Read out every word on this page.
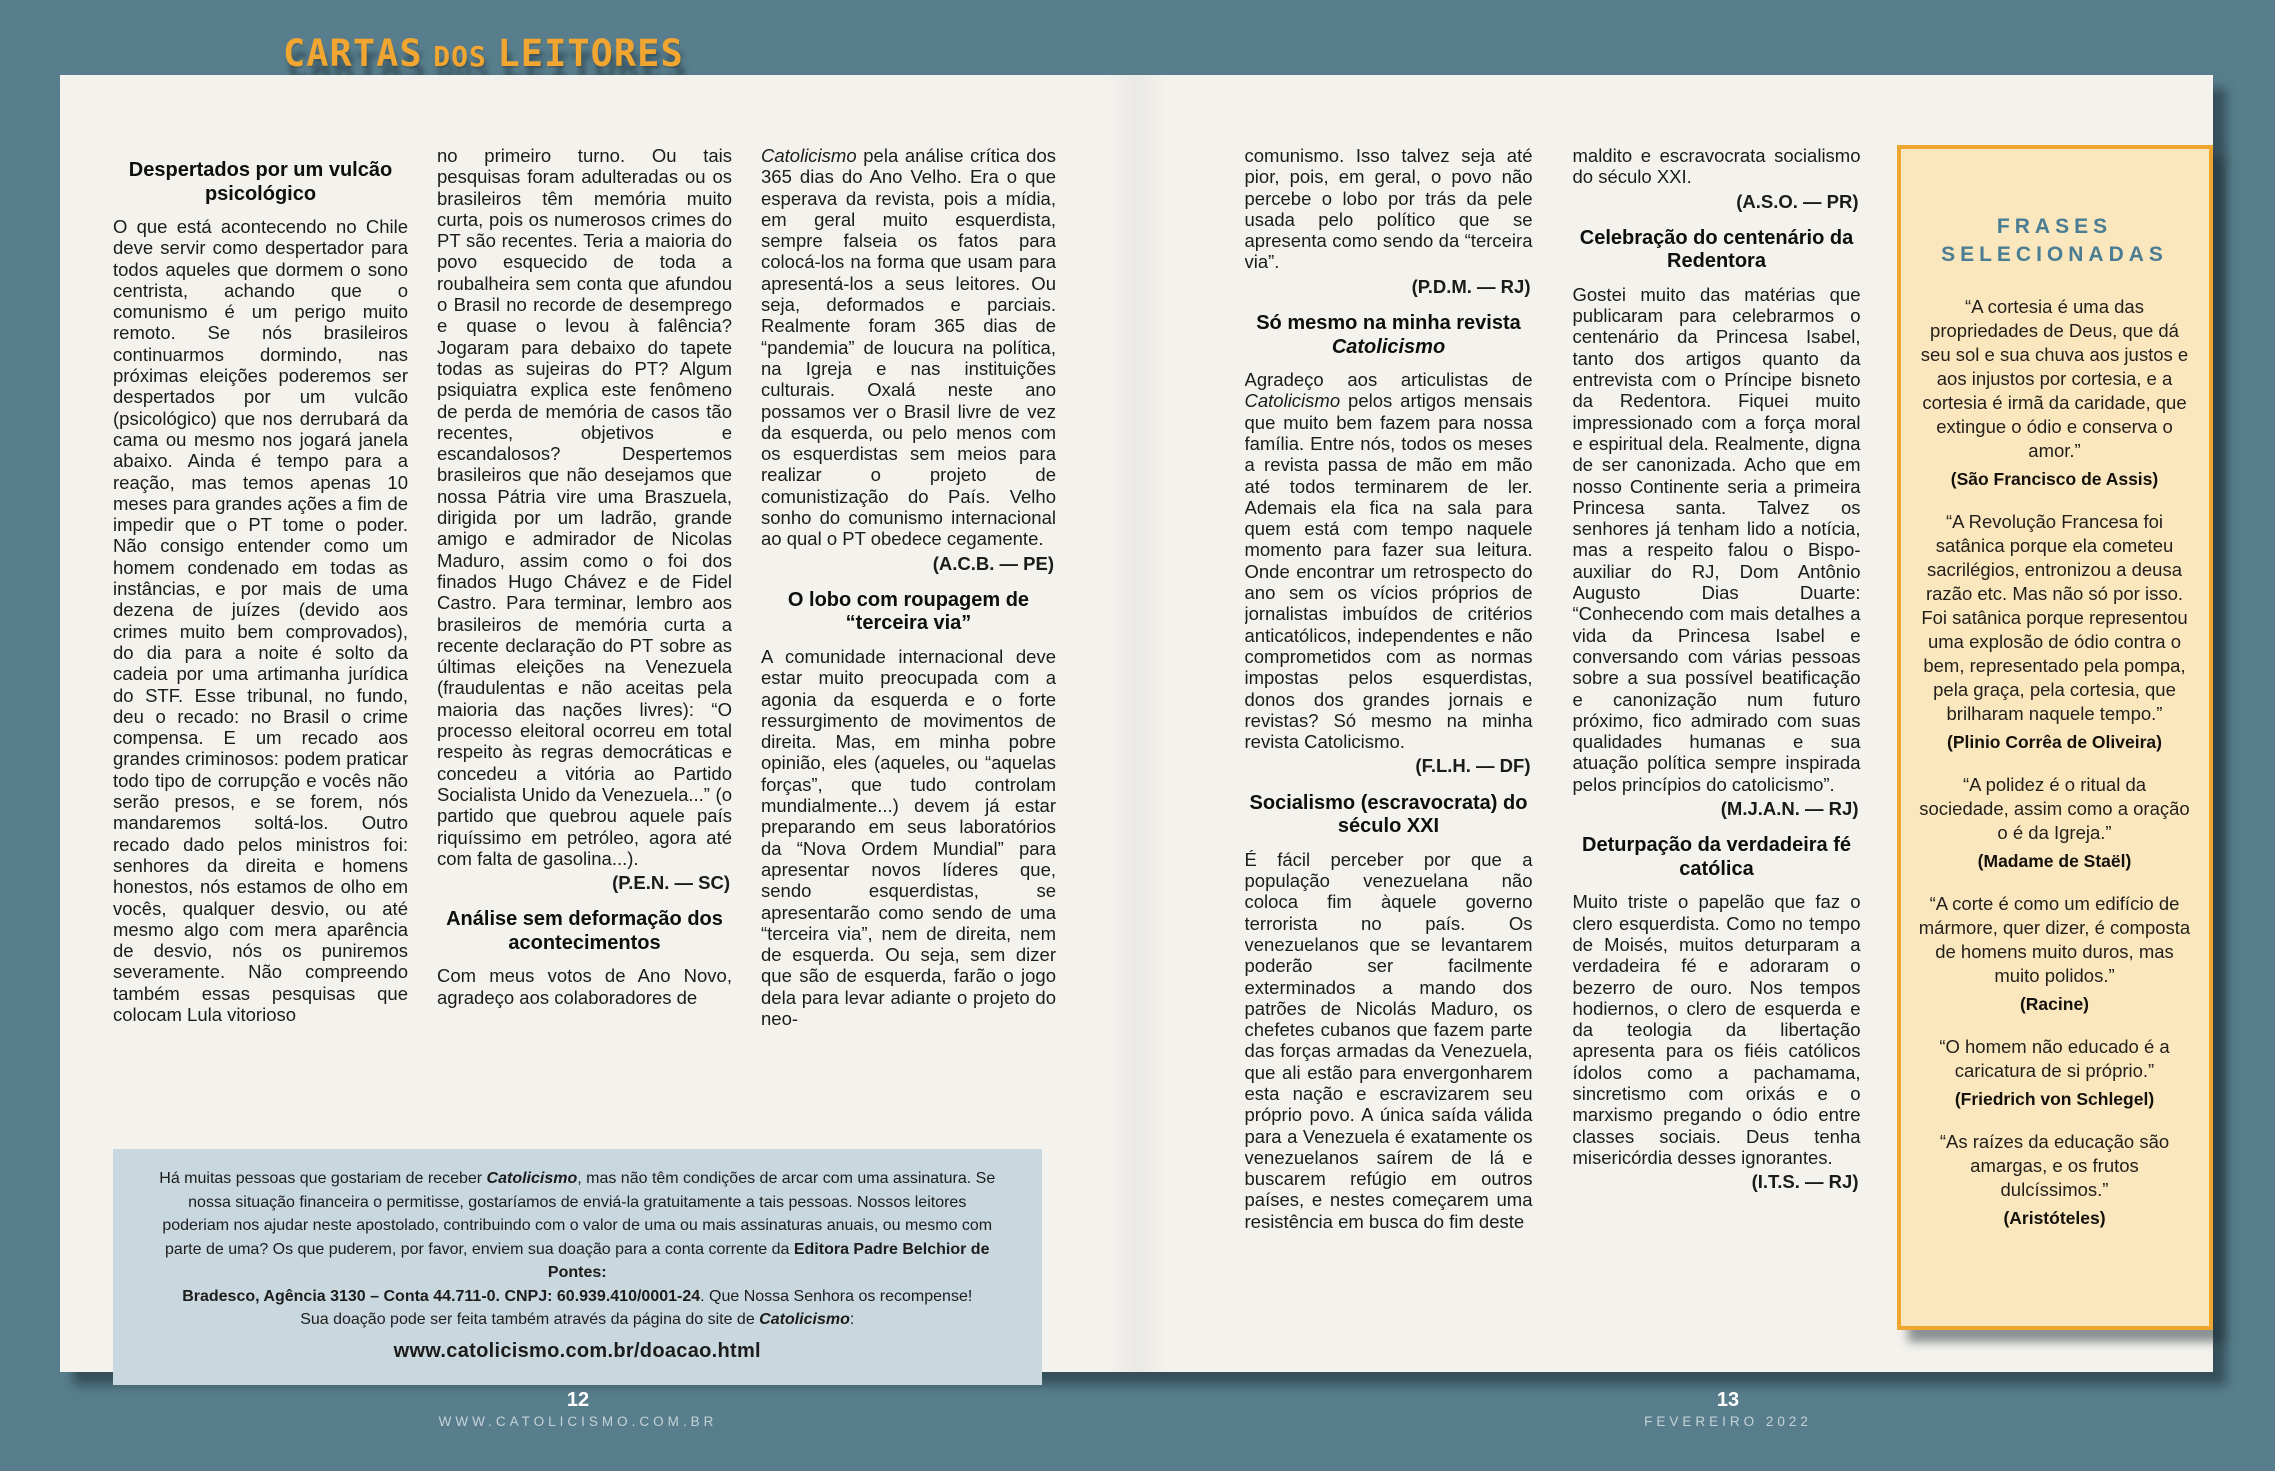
CARTAS DOS LEITORES
Despertados por um vulcão psicológico
O que está acontecendo no Chile deve servir como despertador para todos aqueles que dormem o sono centrista, achando que o comunismo é um perigo muito remoto. Se nós brasileiros continuarmos dormindo, nas próximas eleições poderemos ser despertados por um vulcão (psicológico) que nos derrubará da cama ou mesmo nos jogará janela abaixo. Ainda é tempo para a reação, mas temos apenas 10 meses para grandes ações a fim de impedir que o PT tome o poder. Não consigo entender como um homem condenado em todas as instâncias, e por mais de uma dezena de juízes (devido aos crimes muito bem comprovados), do dia para a noite é solto da cadeia por uma artimanha jurídica do STF. Esse tribunal, no fundo, deu o recado: no Brasil o crime compensa. E um recado aos grandes criminosos: podem praticar todo tipo de corrupção e vocês não serão presos, e se forem, nós mandaremos soltá-los. Outro recado dado pelos ministros foi: senhores da direita e homens honestos, nós estamos de olho em vocês, qualquer desvio, ou até mesmo algo com mera aparência de desvio, nós os puniremos severamente. Não compreendo também essas pesquisas que colocam Lula vitorioso
no primeiro turno. Ou tais pesquisas foram adulteradas ou os brasileiros têm memória muito curta, pois os numerosos crimes do PT são recentes. Teria a maioria do povo esquecido de toda a roubalheira sem conta que afundou o Brasil no recorde de desemprego e quase o levou à falência? Jogaram para debaixo do tapete todas as sujeiras do PT? Algum psiquiatra explica este fenômeno de perda de memória de casos tão recentes, objetivos e escandalosos? Despertemos brasileiros que não desejamos que nossa Pátria vire uma Braszuela, dirigida por um ladrão, grande amigo e admirador de Nicolas Maduro, assim como o foi dos finados Hugo Chávez e de Fidel Castro. Para terminar, lembro aos brasileiros de memória curta a recente declaração do PT sobre as últimas eleições na Venezuela (fraudulentas e não aceitas pela maioria das nações livres): “O processo eleitoral ocorreu em total respeito às regras democráticas e concedeu a vitória ao Partido Socialista Unido da Venezuela...” (o partido que quebrou aquele país riquíssimo em petróleo, agora até com falta de gasolina...).
(P.E.N. — SC)
Análise sem deformação dos acontecimentos
Com meus votos de Ano Novo, agradeço aos colaboradores de
Catolicismo pela análise crítica dos 365 dias do Ano Velho. Era o que esperava da revista, pois a mídia, em geral muito esquerdista, sempre falseia os fatos para colocá-los na forma que usam para apresentá-los a seus leitores. Ou seja, deformados e parciais. Realmente foram 365 dias de “pandemia” de loucura na política, na Igreja e nas instituições culturais. Oxalá neste ano possamos ver o Brasil livre de vez da esquerda, ou pelo menos com os esquerdistas sem meios para realizar o projeto de comunistização do País. Velho sonho do comunismo internacional ao qual o PT obedece cegamente.
(A.C.B. — PE)
O lobo com roupagem de “terceira via”
A comunidade internacional deve estar muito preocupada com a agonia da esquerda e o forte ressurgimento de movimentos de direita. Mas, em minha pobre opinião, eles (aqueles, ou “aquelas forças”, que tudo controlam mundialmente...) devem já estar preparando em seus laboratórios da “Nova Ordem Mundial” para apresentar novos líderes que, sendo esquerdistas, se apresentarão como sendo de uma “terceira via”, nem de direita, nem de esquerda. Ou seja, sem dizer que são de esquerda, farão o jogo dela para levar adiante o projeto do neo-
Há muitas pessoas que gostariam de receber Catolicismo, mas não têm condições de arcar com uma assinatura. Se nossa situação financeira o permitisse, gostaríamos de enviá-la gratuitamente a tais pessoas. Nossos leitores poderiam nos ajudar neste apostolado, contribuindo com o valor de uma ou mais assinaturas anuais, ou mesmo com parte de uma? Os que puderem, por favor, enviem sua doação para a conta corrente da Editora Padre Belchior de Pontes:
Bradesco, Agência 3130 – Conta 44.711-0. CNPJ: 60.939.410/0001-24. Que Nossa Senhora os recompense!
Sua doação pode ser feita também através da página do site de Catolicismo:
www.catolicismo.com.br/doacao.html
comunismo. Isso talvez seja até pior, pois, em geral, o povo não percebe o lobo por trás da pele usada pelo político que se apresenta como sendo da “terceira via”.
(P.D.M. — RJ)
Só mesmo na minha revista Catolicismo
Agradeço aos articulistas de Catolicismo pelos artigos mensais que muito bem fazem para nossa família. Entre nós, todos os meses a revista passa de mão em mão até todos terminarem de ler. Ademais ela fica na sala para quem está com tempo naquele momento para fazer sua leitura. Onde encontrar um retrospecto do ano sem os vícios próprios de jornalistas imbuídos de critérios anticatólicos, independentes e não comprometidos com as normas impostas pelos esquerdistas, donos dos grandes jornais e revistas? Só mesmo na minha revista Catolicismo.
(F.L.H. — DF)
Socialismo (escravocrata) do século XXI
É fácil perceber por que a população venezuelana não coloca fim àquele governo terrorista no país. Os venezuelanos que se levantarem poderão ser facilmente exterminados a mando dos patrões de Nicolás Maduro, os chefetes cubanos que fazem parte das forças armadas da Venezuela, que ali estão para envergonharem esta nação e escravizarem seu próprio povo. A única saída válida para a Venezuela é exatamente os venezuelanos saírem de lá e buscarem refúgio em outros países, e nestes começarem uma resistência em busca do fim deste
maldito e escravocrata socialismo do século XXI.
(A.S.O. — PR)
Celebração do centenário da Redentora
Gostei muito das matérias que publicaram para celebrarmos o centenário da Princesa Isabel, tanto dos artigos quanto da entrevista com o Príncipe bisneto da Redentora. Fiquei muito impressionado com a força moral e espiritual dela. Realmente, digna de ser canonizada. Acho que em nosso Continente seria a primeira Princesa santa. Talvez os senhores já tenham lido a notícia, mas a respeito falou o Bispo-auxiliar do RJ, Dom Antônio Augusto Dias Duarte: “Conhecendo com mais detalhes a vida da Princesa Isabel e conversando com várias pessoas sobre a sua possível beatificação e canonização num futuro próximo, fico admirado com suas qualidades humanas e sua atuação política sempre inspirada pelos princípios do catolicismo”.
(M.J.A.N. — RJ)
Deturpação da verdadeira fé católica
Muito triste o papelão que faz o clero esquerdista. Como no tempo de Moisés, muitos deturparam a verdadeira fé e adoraram o bezerro de ouro. Nos tempos hodiernos, o clero de esquerda e da teologia da libertação apresenta para os fiéis católicos ídolos como a pachamama, sincretismo com orixás e o marxismo pregando o ódio entre classes sociais. Deus tenha misericórdia desses ignorantes.
(I.T.S. — RJ)
FRASES SELECIONADAS
“A cortesia é uma das propriedades de Deus, que dá seu sol e sua chuva aos justos e aos injustos por cortesia, e a cortesia é irmã da caridade, que extingue o ódio e conserva o amor.”
(São Francisco de Assis)
“A Revolução Francesa foi satânica porque ela cometeu sacrilégios, entronizou a deusa razão etc. Mas não só por isso. Foi satânica porque representou uma explosão de ódio contra o bem, representado pela pompa, pela graça, pela cortesia, que brilharam naquele tempo.”
(Plinio Corrêa de Oliveira)
“A polidez é o ritual da sociedade, assim como a oração o é da Igreja.”
(Madame de Staël)
“A corte é como um edifício de mármore, quer dizer, é composta de homens muito duros, mas muito polidos.”
(Racine)
“O homem não educado é a caricatura de si próprio.”
(Friedrich von Schlegel)
“As raízes da educação são amargas, e os frutos dulcíssimos.”
(Aristóteles)
12
WWW.CATOLICISMO.COM.BR
13
FEVEREIRO 2022
